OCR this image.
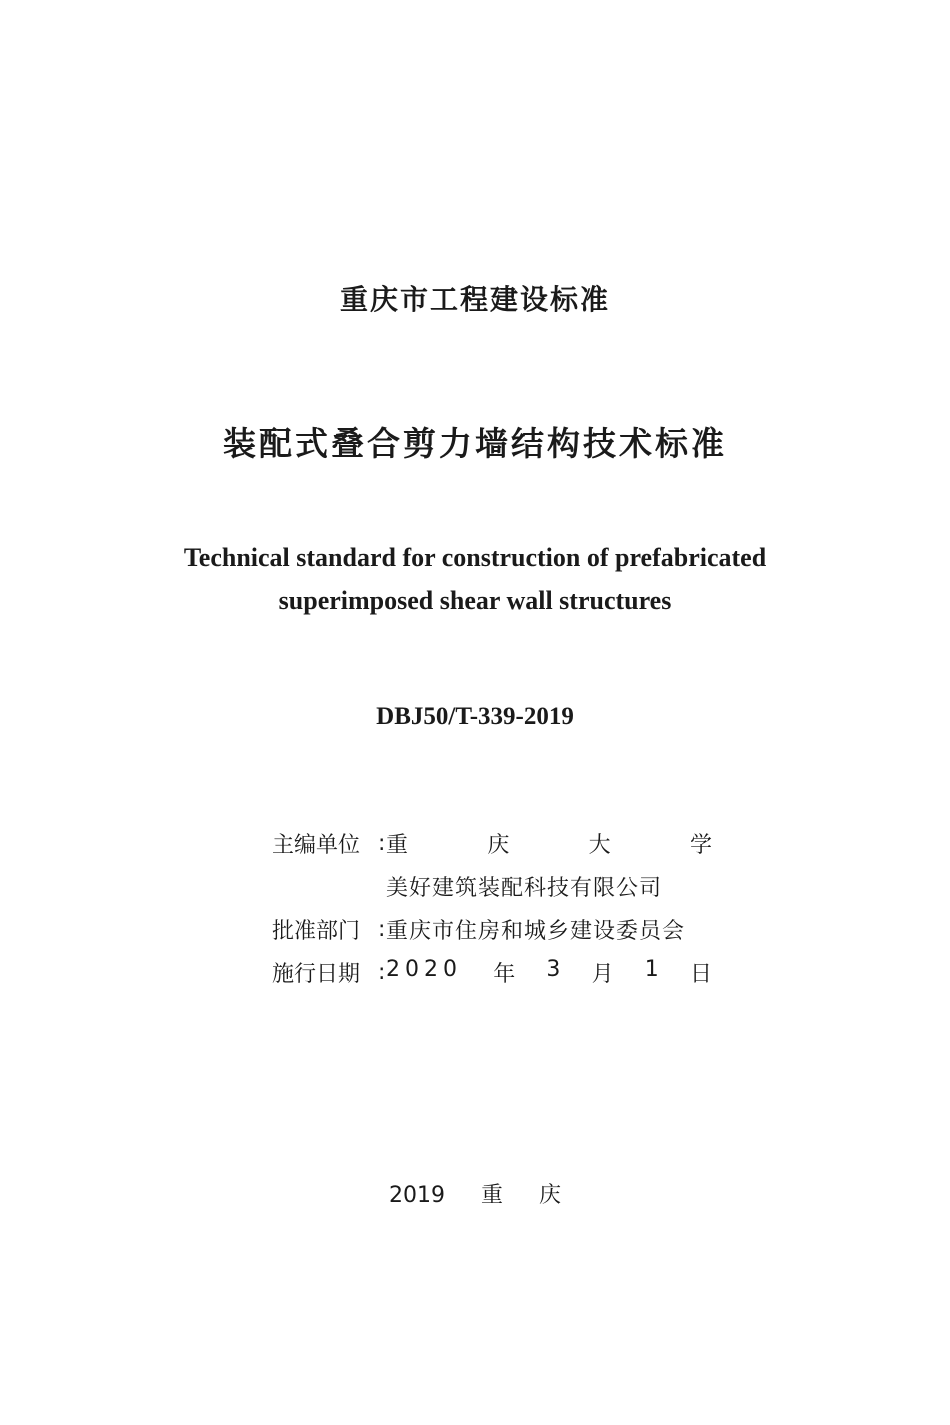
重庆市工程建设标准
装配式叠合剪力墙结构技术标准
Technical standard for construction of prefabricated
superimposed shear wall structures
DBJ50/T-339-2019
主编单位 : 重	庆	大	学
美好建筑装配科技有限公司
批准部门 : 重庆市住房和城乡建设委员会
施行日期 : 2020 年 3 月 1 日
2019 重 庆
